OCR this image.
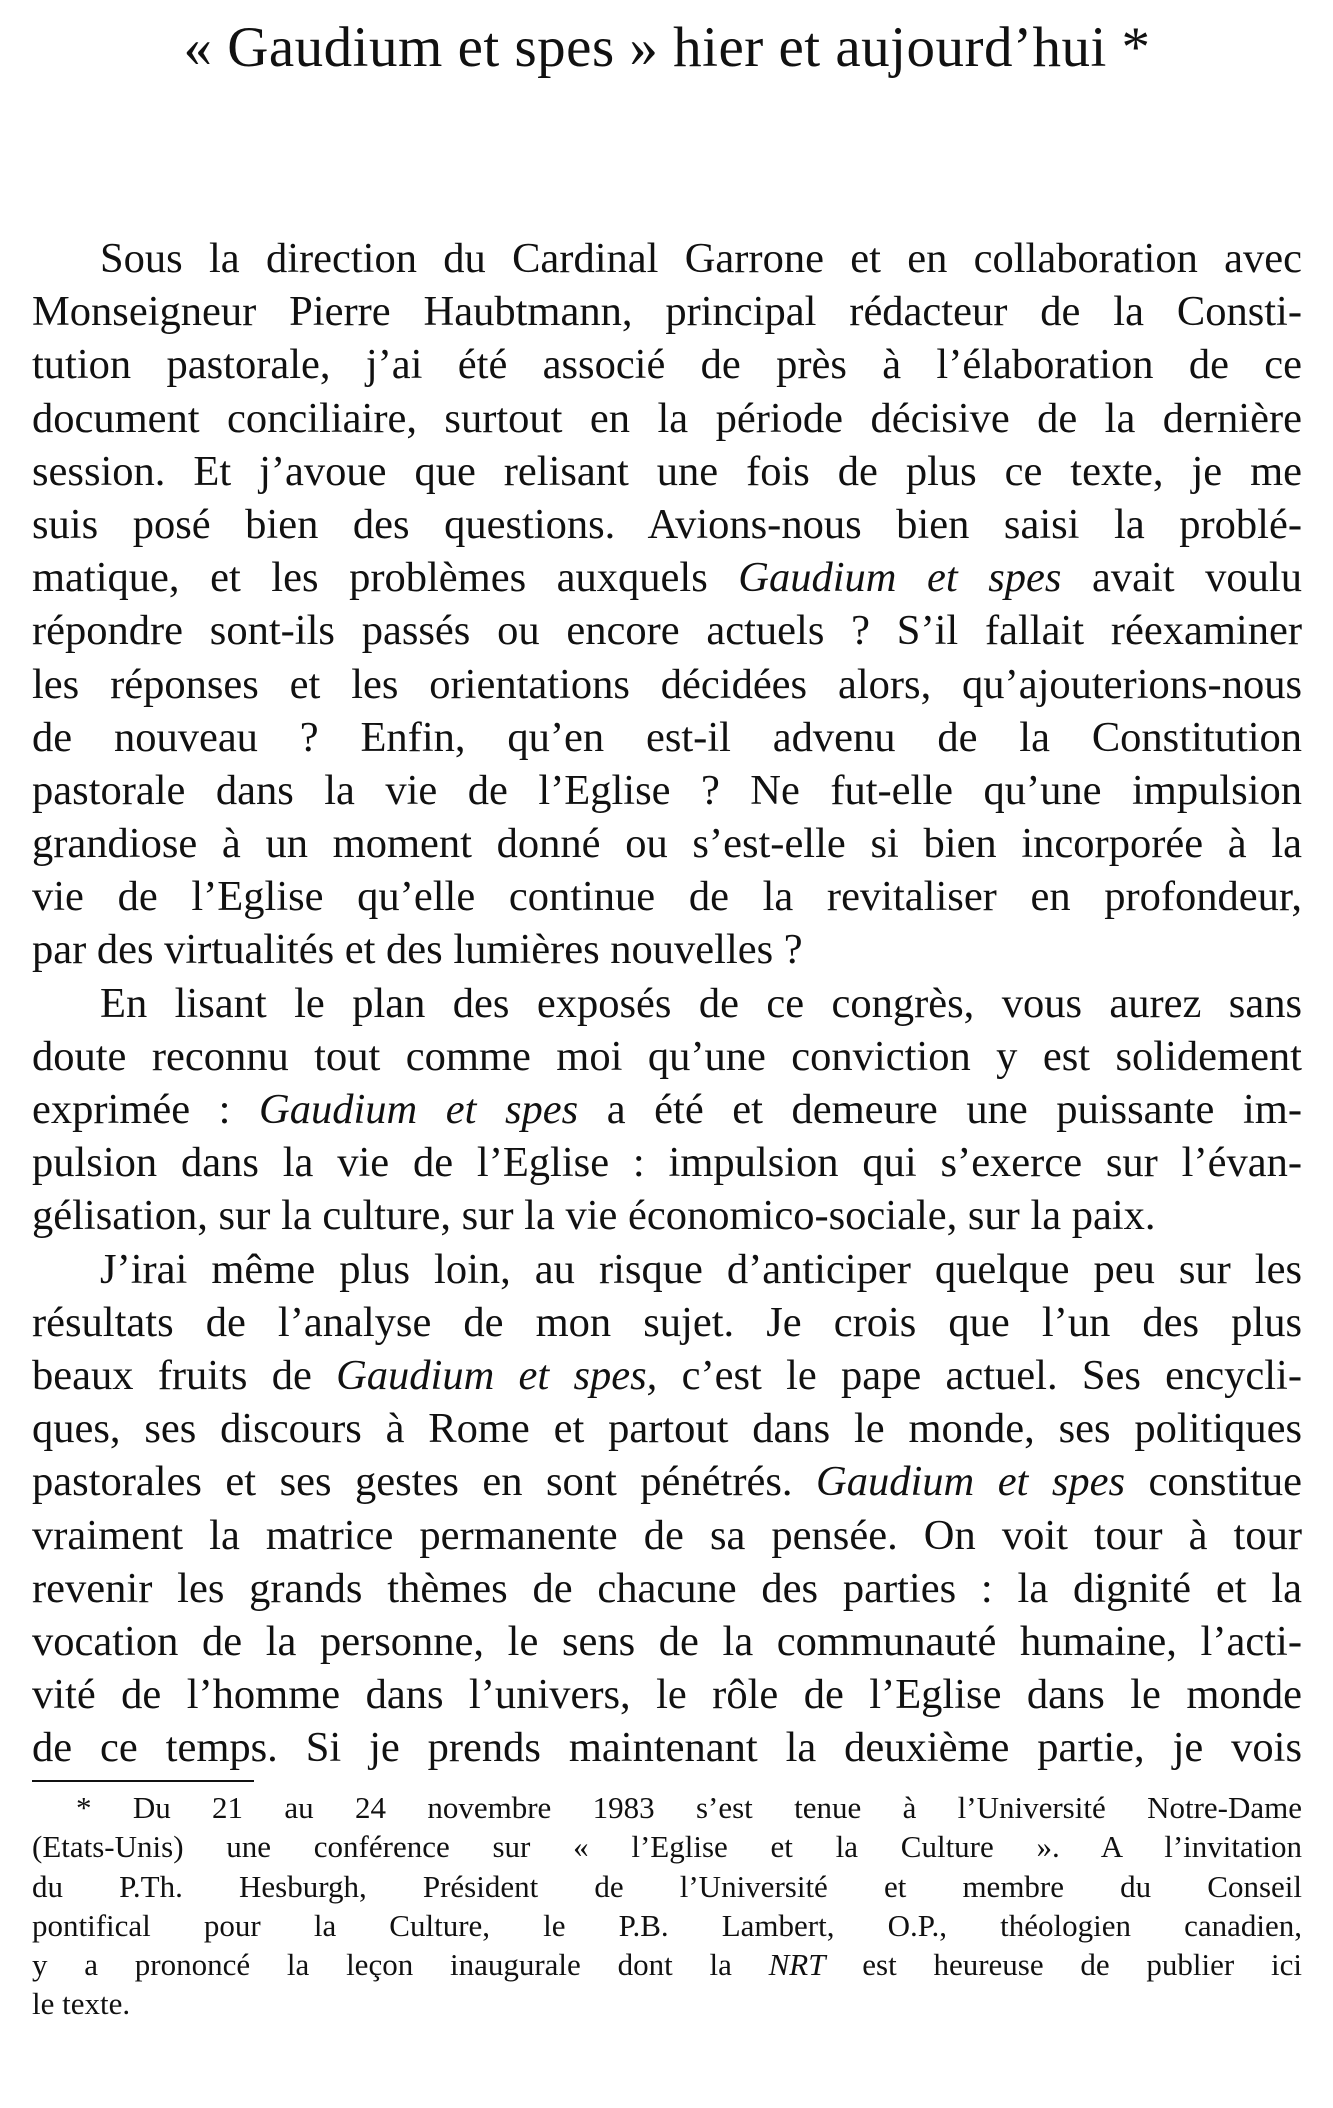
« Gaudium et spes » hier et aujourd’hui *
Sous la direction du Cardinal Garrone et en collaboration avec
Monseigneur Pierre Haubtmann, principal rédacteur de la Consti-
tution pastorale, j’ai été associé de près à l’élaboration de ce
document conciliaire, surtout en la période décisive de la dernière
session. Et j’avoue que relisant une fois de plus ce texte, je me
suis posé bien des questions. Avions-nous bien saisi la problé-
matique, et les problèmes auxquels Gaudium et spes avait voulu
répondre sont-ils passés ou encore actuels ? S’il fallait réexaminer
les réponses et les orientations décidées alors, qu’ajouterions-nous
de nouveau ? Enfin, qu’en est-il advenu de la Constitution
pastorale dans la vie de l’Eglise ? Ne fut-elle qu’une impulsion
grandiose à un moment donné ou s’est-elle si bien incorporée à la
vie de l’Eglise qu’elle continue de la revitaliser en profondeur,
par des virtualités et des lumières nouvelles ?
En lisant le plan des exposés de ce congrès, vous aurez sans
doute reconnu tout comme moi qu’une conviction y est solidement
exprimée : Gaudium et spes a été et demeure une puissante im-
pulsion dans la vie de l’Eglise : impulsion qui s’exerce sur l’évan-
gélisation, sur la culture, sur la vie économico-sociale, sur la paix.
J’irai même plus loin, au risque d’anticiper quelque peu sur les
résultats de l’analyse de mon sujet. Je crois que l’un des plus
beaux fruits de Gaudium et spes, c’est le pape actuel. Ses encycli-
ques, ses discours à Rome et partout dans le monde, ses politiques
pastorales et ses gestes en sont pénétrés. Gaudium et spes constitue
vraiment la matrice permanente de sa pensée. On voit tour à tour
revenir les grands thèmes de chacune des parties : la dignité et la
vocation de la personne, le sens de la communauté humaine, l’acti-
vité de l’homme dans l’univers, le rôle de l’Eglise dans le monde
de ce temps. Si je prends maintenant la deuxième partie, je vois
* Du 21 au 24 novembre 1983 s’est tenue à l’Université Notre-Dame
(Etats-Unis) une conférence sur « l’Eglise et la Culture ». A l’invitation
du P.Th. Hesburgh, Président de l’Université et membre du Conseil
pontifical pour la Culture, le P.B. Lambert, O.P., théologien canadien,
y a prononcé la leçon inaugurale dont la NRT est heureuse de publier ici
le texte.
